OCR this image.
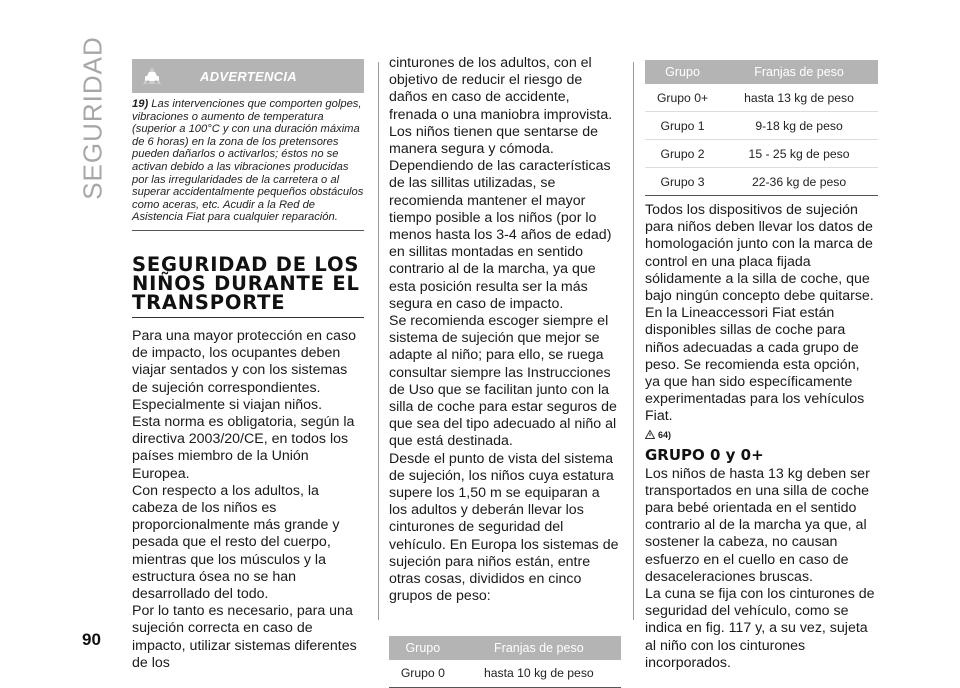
SEGURIDAD
90
ADVERTENCIA

19) Las intervenciones que comporten golpes, vibraciones o aumento de temperatura (superior a 100°C y con una duración máxima de 6 horas) en la zona de los pretensores pueden dañarlos o activarlos; éstos no se activan debido a las vibraciones producidas por las irregularidades de la carretera o al superar accidentalmente pequeños obstáculos como aceras, etc. Acudir a la Red de Asistencia Fiat para cualquier reparación.

SEGURIDAD DE LOS NIÑOS DURANTE EL TRANSPORTE

Para una mayor protección en caso de impacto, los ocupantes deben viajar sentados y con los sistemas de sujeción correspondientes.

Especialmente si viajan niños.

Esta norma es obligatoria, según la directiva 2003/20/CE, en todos los países miembro de la Unión Europea.

Con respecto a los adultos, la cabeza de los niños es proporcionalmente más grande y pesada que el resto del cuerpo, mientras que los músculos y la estructura ósea no se han desarrollado del todo.

Por lo tanto es necesario, para una sujeción correcta en caso de impacto, utilizar sistemas diferentes de los

cinturones de los adultos, con el objetivo de reducir el riesgo de daños en caso de accidente, frenada o una maniobra improvista.

Los niños tienen que sentarse de manera segura y cómoda.

Dependiendo de las características de las sillitas utilizadas, se recomienda mantener el mayor tiempo posible a los niños (por lo menos hasta los 3-4 años de edad) en sillitas montadas en sentido contrario al de la marcha, ya que esta posición resulta ser la más segura en caso de impacto.

Se recomienda escoger siempre el sistema de sujeción que mejor se adapte al niño; para ello, se ruega consultar siempre las Instrucciones de Uso que se facilitan junto con la silla de coche para estar seguros de que sea del tipo adecuado al niño al que está destinada.

Desde el punto de vista del sistema de sujeción, los niños cuya estatura supere los 1,50 m se equiparan a los adultos y deberán llevar los cinturones de seguridad del vehículo. En Europa los sistemas de sujeción para niños están, entre otras cosas, divididos en cinco grupos de peso:

Grupo	Franjas de peso
Grupo 0	hasta 10 kg de peso
Grupo	Franjas de peso
Grupo 0+	hasta 13 kg de peso
Grupo 1	9-18 kg de peso
Grupo 2	15 - 25 kg de peso
Grupo 3	22-36 kg de peso

Todos los dispositivos de sujeción para niños deben llevar los datos de homologación junto con la marca de control en una placa fijada sólidamente a la silla de coche, que bajo ningún concepto debe quitarse.

En la Lineaccessori Fiat están disponibles sillas de coche para niños adecuadas a cada grupo de peso. Se recomienda esta opción, ya que han sido específicamente experimentadas para los vehículos Fiat.

64)
GRUPO 0 y 0+

Los niños de hasta 13 kg deben ser transportados en una silla de coche para bebé orientada en el sentido contrario al de la marcha ya que, al sostener la cabeza, no causan esfuerzo en el cuello en caso de desaceleraciones bruscas.

La cuna se fija con los cinturones de seguridad del vehículo, como se indica en fig. 117 y, a su vez, sujeta al niño con los cinturones incorporados.
